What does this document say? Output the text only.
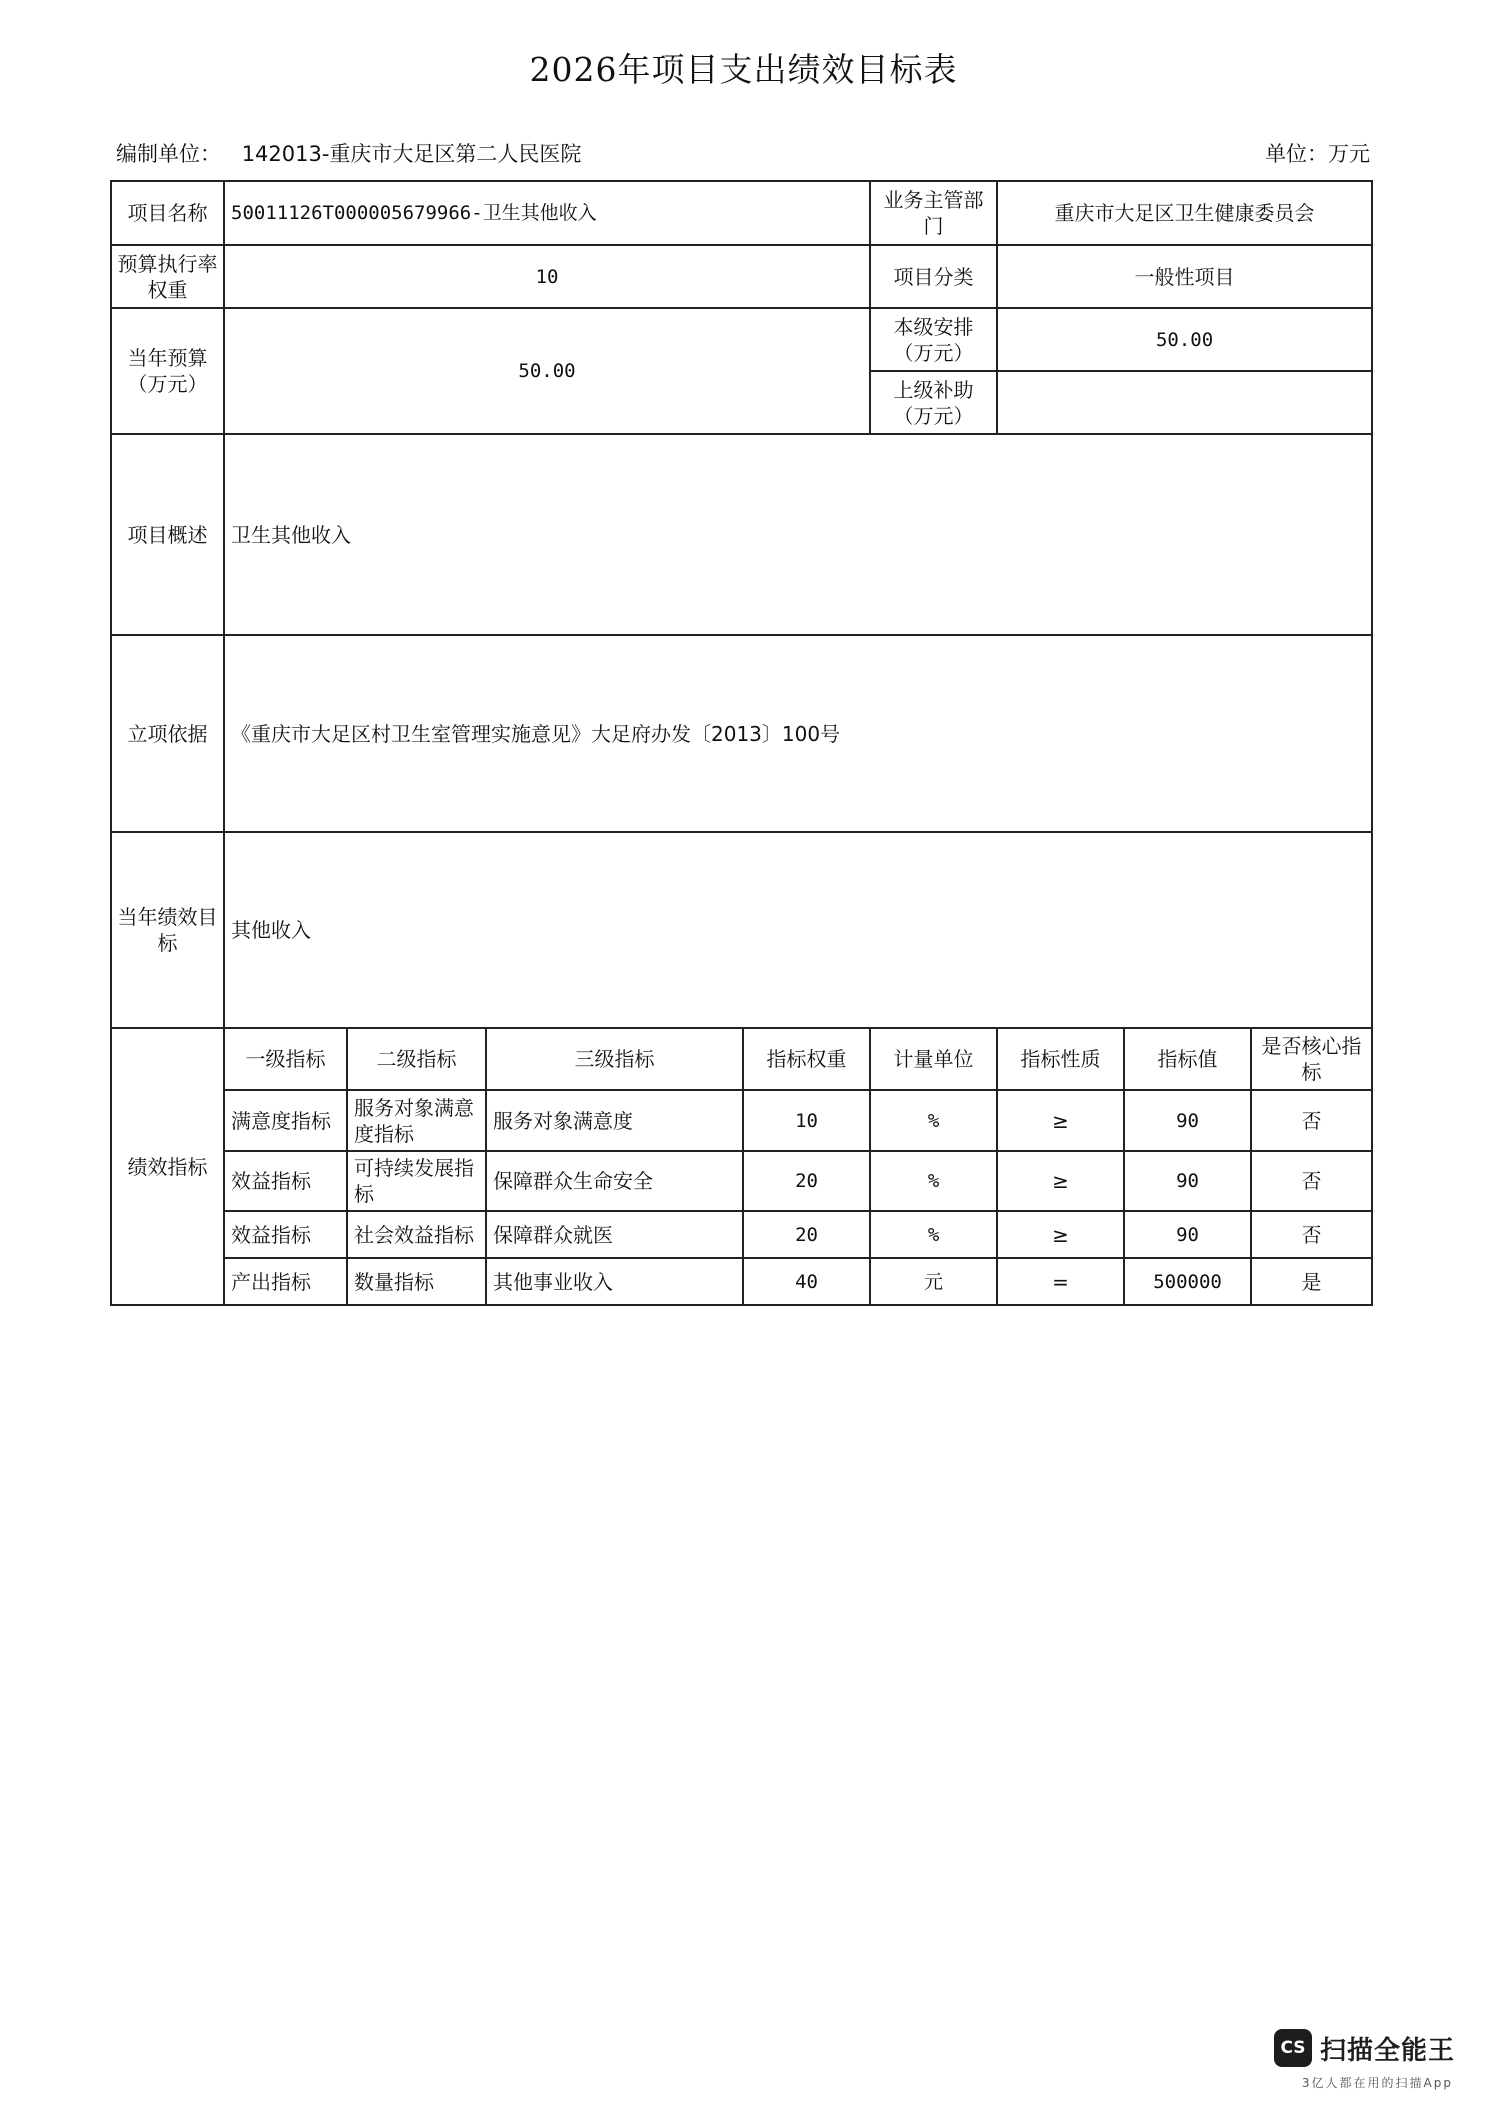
2026年项目支出绩效目标表
编制单位： 142013-重庆市大足区第二人民医院	单位：万元
项目名称	50011126T000005679966-卫生其他收入				业务主管部门	重庆市大足区卫生健康委员会		
预算执行率权重	10				项目分类	一般性项目		
当年预算（万元）	50.00				本级安排（万元）	50.00		
					上级补助（万元）			
项目概述	卫生其他收入							
立项依据	《重庆市大足区村卫生室管理实施意见》大足府办发〔2013〕100号							
当年绩效目标	其他收入							
绩效指标	一级指标	二级指标	三级指标	指标权重	计量单位	指标性质	指标值	是否核心指标
	满意度指标	服务对象满意度指标	服务对象满意度	10	%	≥	90	否
	效益指标	可持续发展指标	保障群众生命安全	20	%	≥	90	否
	效益指标	社会效益指标	保障群众就医	20	%	≥	90	否
	产出指标	数量指标	其他事业收入	40	元	=	500000	是
CS 扫描全能王
3亿人都在用的扫描App
